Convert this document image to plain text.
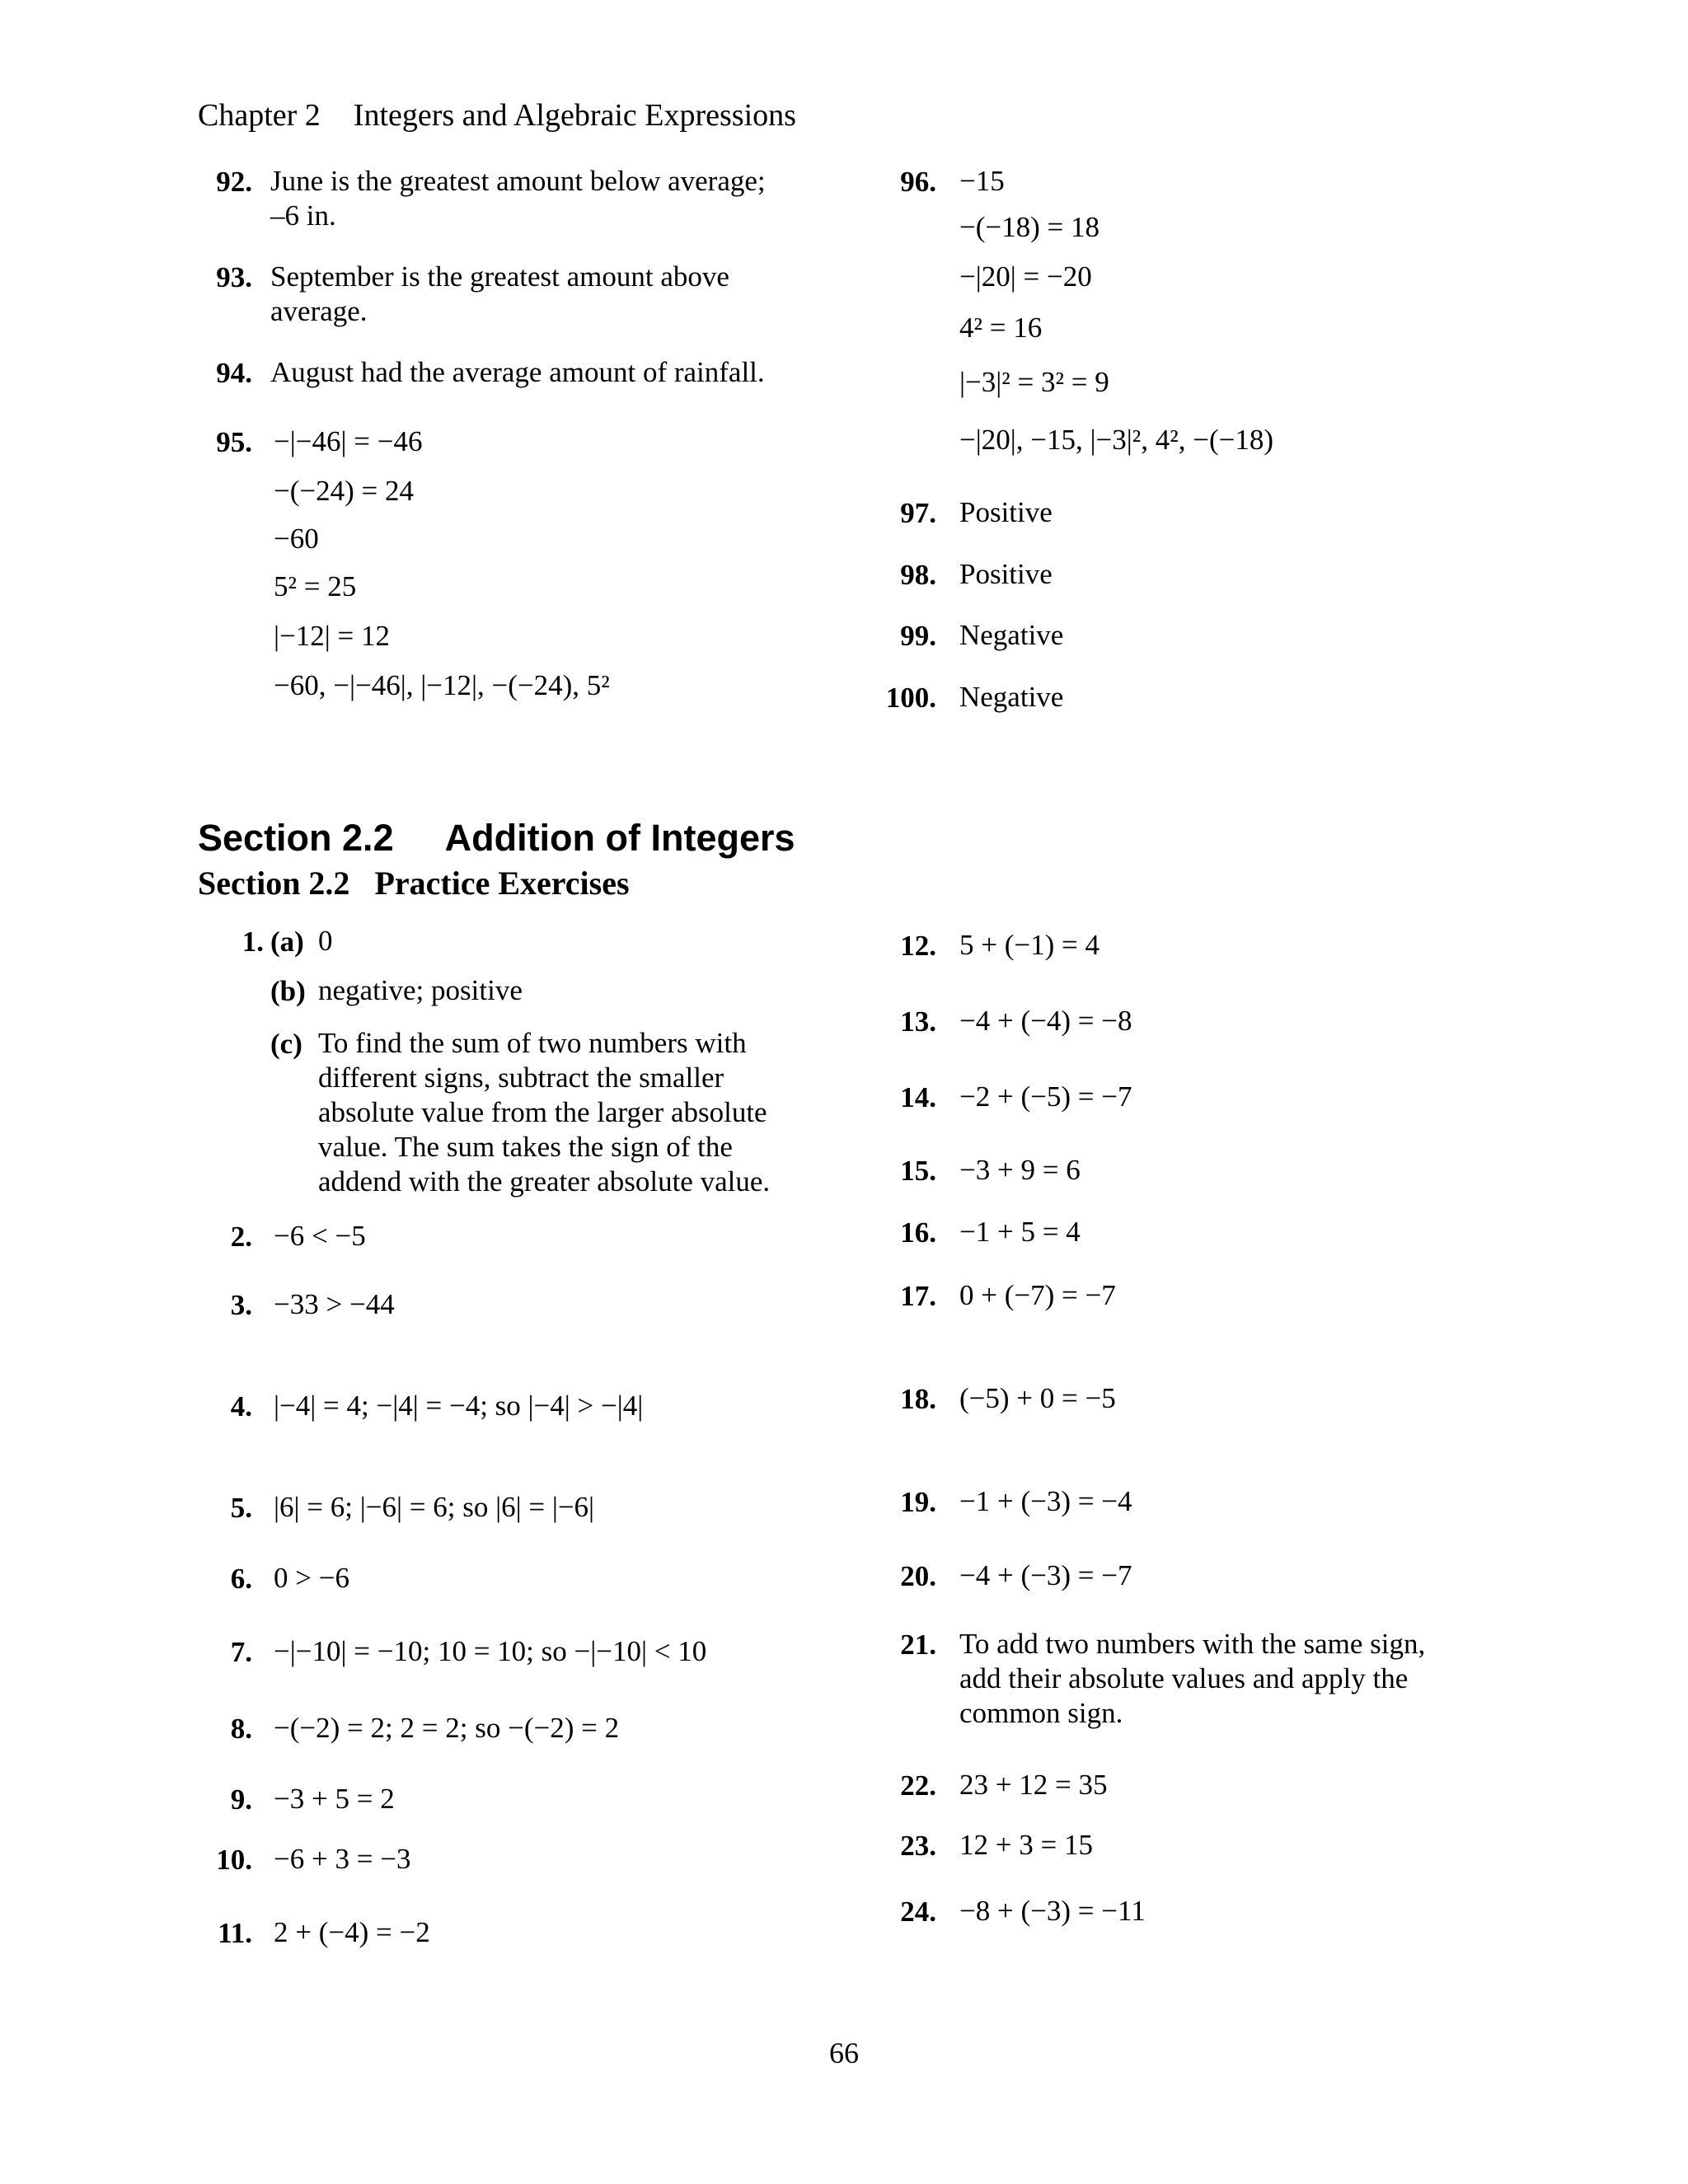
Chapter 2 Integers and Algebraic Expressions
92. June is the greatest amount below average;
–6 in.
93. September is the greatest amount above
average.
94. August had the average amount of rainfall.
95. −|−46| = −46
−(−24) = 24
−60
5² = 25
|−12| = 12
−60, −|−46|, |−12|, −(−24), 5²
96. −15
−(−18) = 18
−|20| = −20
4² = 16
|−3|² = 3² = 9
−|20|, −15, |−3|², 4², −(−18)
97. Positive
98. Positive
99. Negative
100. Negative
Section 2.2 Addition of Integers
Section 2.2 Practice Exercises
1. (a) 0
(b) negative; positive
(c) To find the sum of two numbers with
different signs, subtract the smaller
absolute value from the larger absolute
value. The sum takes the sign of the
addend with the greater absolute value.
2. −6 < −5
3. −33 > −44
4. |−4| = 4; −|4| = −4; so |−4| > −|4|
5. |6| = 6; |−6| = 6; so |6| = |−6|
6. 0 > −6
7. −|−10| = −10; 10 = 10; so −|−10| < 10
8. −(−2) = 2; 2 = 2; so −(−2) = 2
9. −3 + 5 = 2
10. −6 + 3 = −3
11. 2 + (−4) = −2
12. 5 + (−1) = 4
13. −4 + (−4) = −8
14. −2 + (−5) = −7
15. −3 + 9 = 6
16. −1 + 5 = 4
17. 0 + (−7) = −7
18. (−5) + 0 = −5
19. −1 + (−3) = −4
20. −4 + (−3) = −7
21. To add two numbers with the same sign,
add their absolute values and apply the
common sign.
22. 23 + 12 = 35
23. 12 + 3 = 15
24. −8 + (−3) = −11
66
